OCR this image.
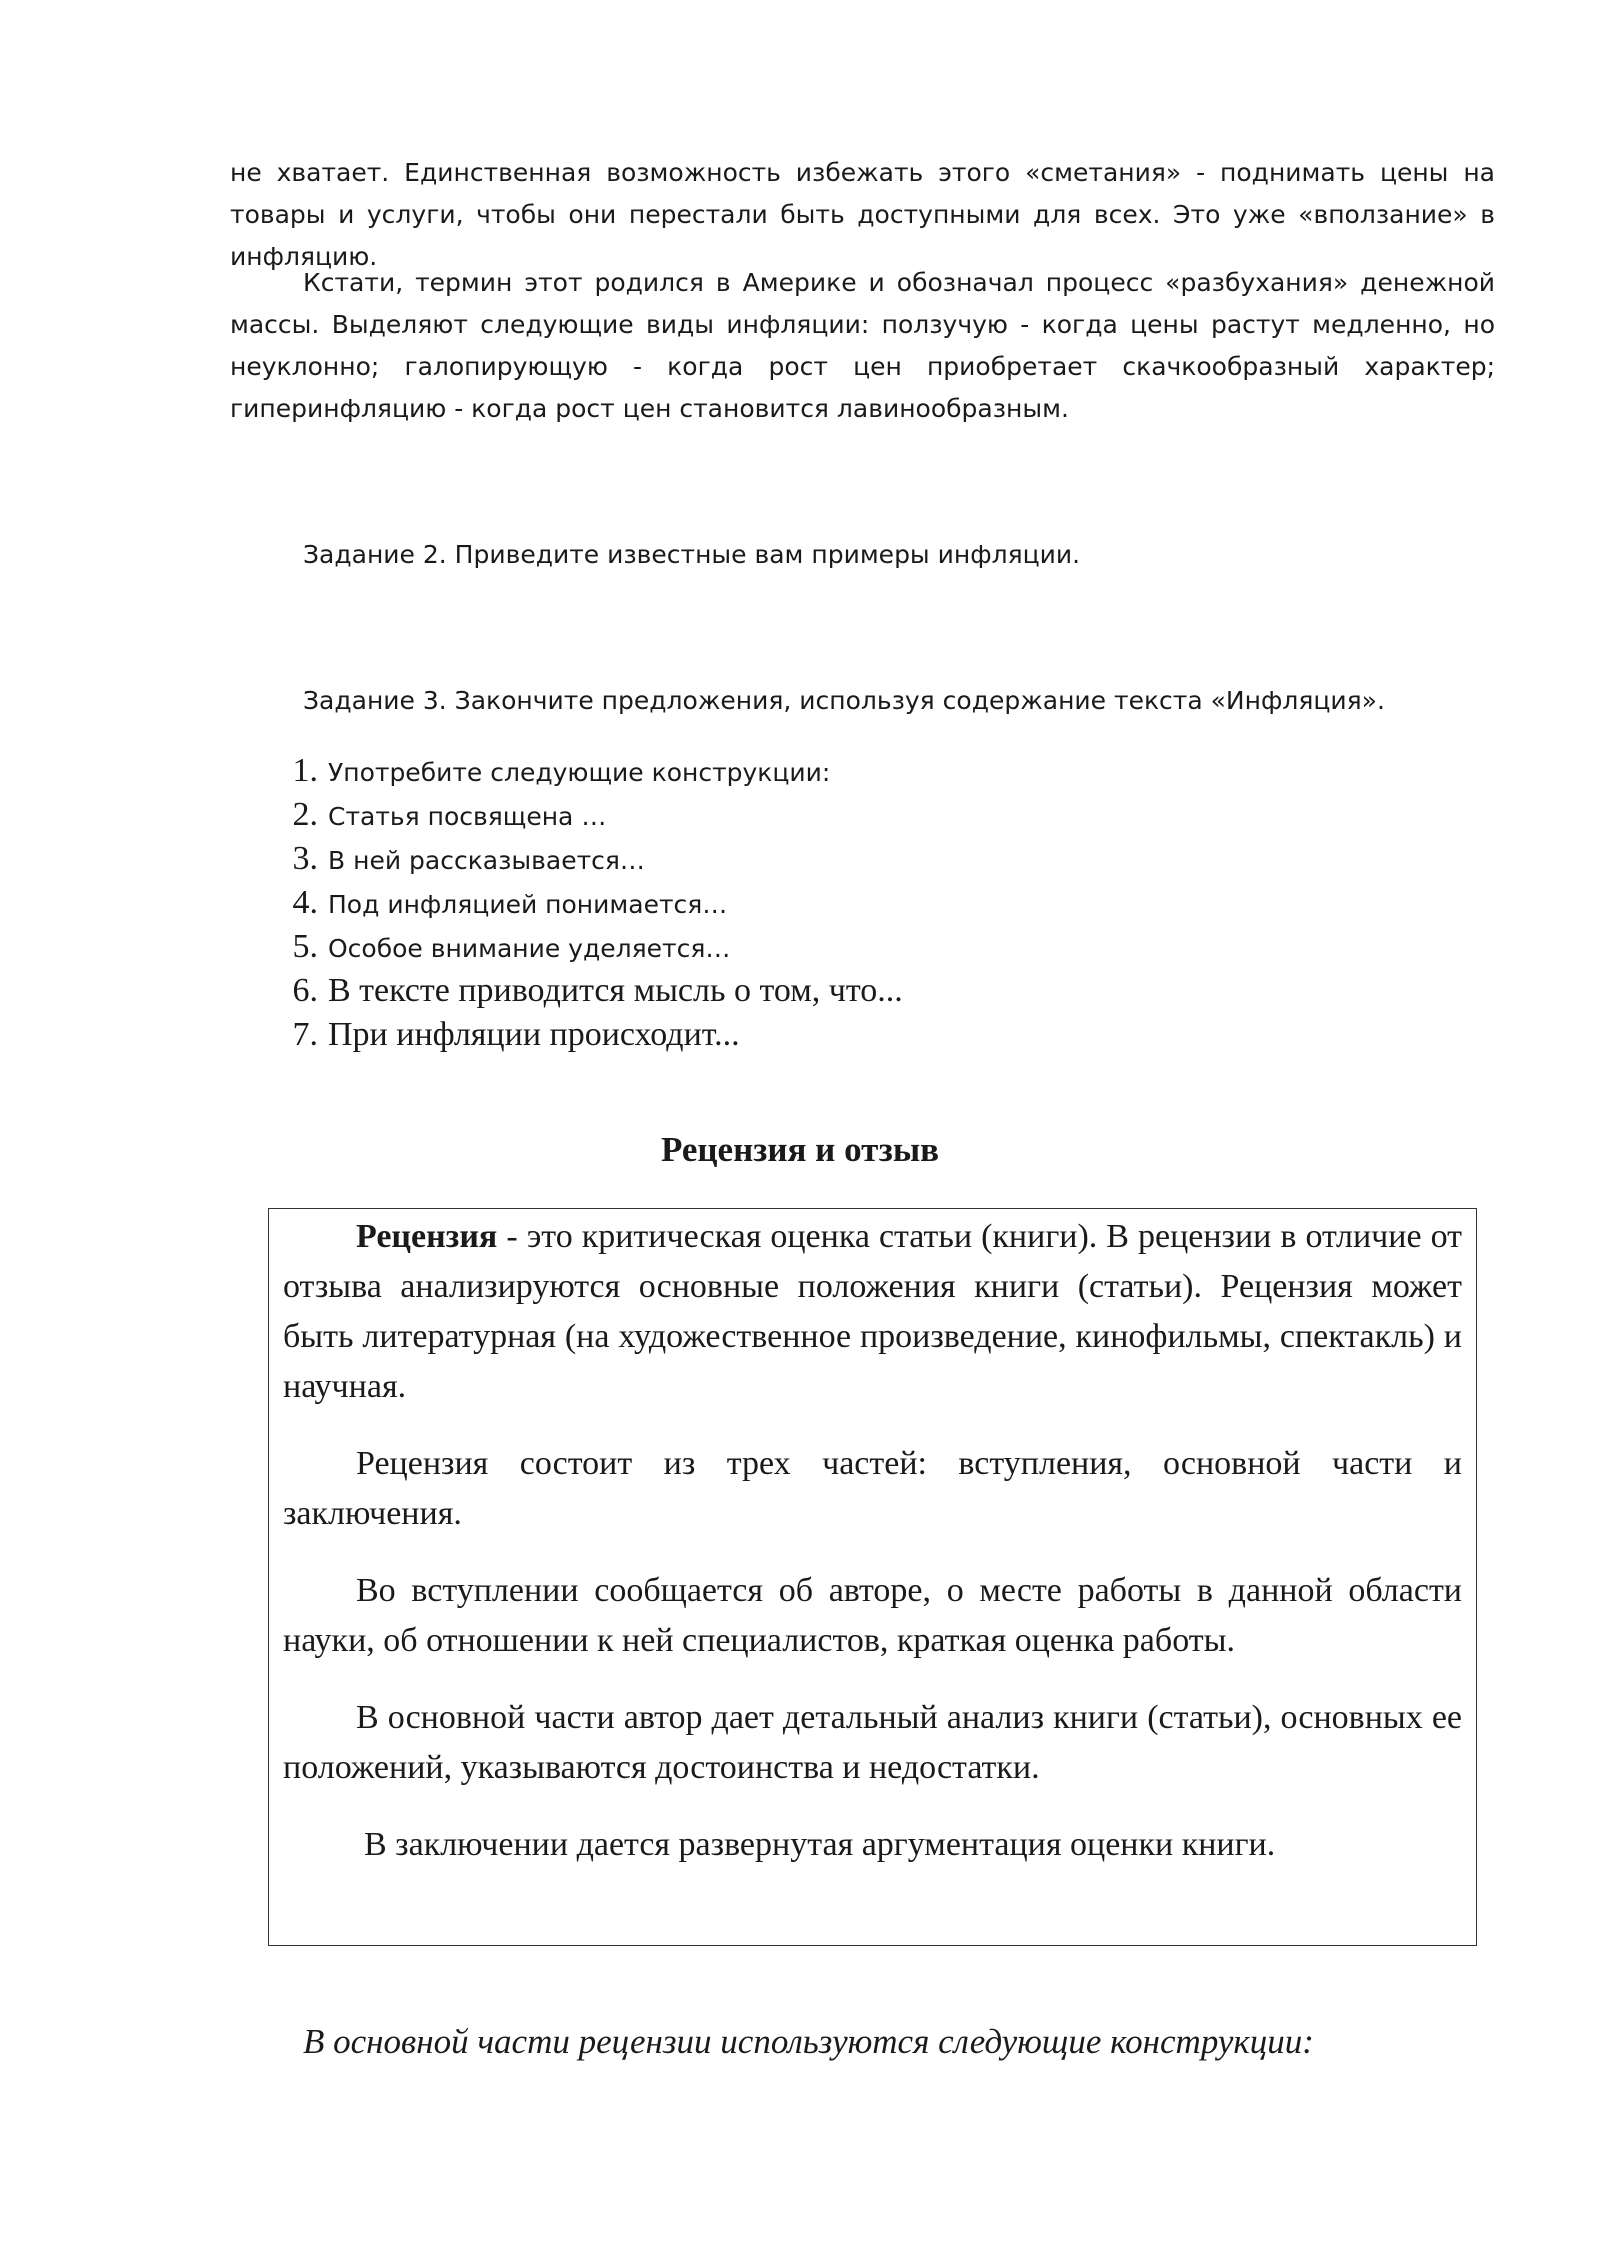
не хватает. Единственная возможность избежать этого «сметания» - поднимать цены на товары и услуги, чтобы они перестали быть доступными для всех. Это уже «вползание» в инфляцию.

Кстати, термин этот родился в Америке и обозначал процесс «разбухания» денежной массы. Выделяют следующие виды инфляции: ползучую - когда цены растут медленно, но неуклонно; галопирующую - когда рост цен приобретает скачкообразный характер; гиперинфляцию - когда рост цен становится лавинообразным.

Задание 2. Приведите известные вам примеры инфляции.

Задание 3. Закончите предложения, используя содержание текста «Инфляция».

1. Употребите следующие конструкции:
2. Статья посвящена …
3. В ней рассказывается…
4. Под инфляцией понимается…
5. Особое внимание уделяется…
6. В тексте приводится мысль о том, что...
7. При инфляции происходит...
Рецензия и отзыв

Рецензия - это критическая оценка статьи (книги). В рецензии в отличие от отзыва анализируются основные положения книги (статьи). Рецензия может быть литературная (на художественное произведение, кинофильмы, спектакль) и научная.

Рецензия состоит из трех частей: вступления, основной части и заключения.

Во вступлении сообщается об авторе, о месте работы в данной области науки, об отношении к ней специалистов, краткая оценка работы.

В основной части автор дает детальный анализ книги (статьи), основных ее положений, указываются достоинства и недостатки.

В заключении дается развернутая аргументация оценки книги.

В основной части рецензии используются следующие конструкции:
